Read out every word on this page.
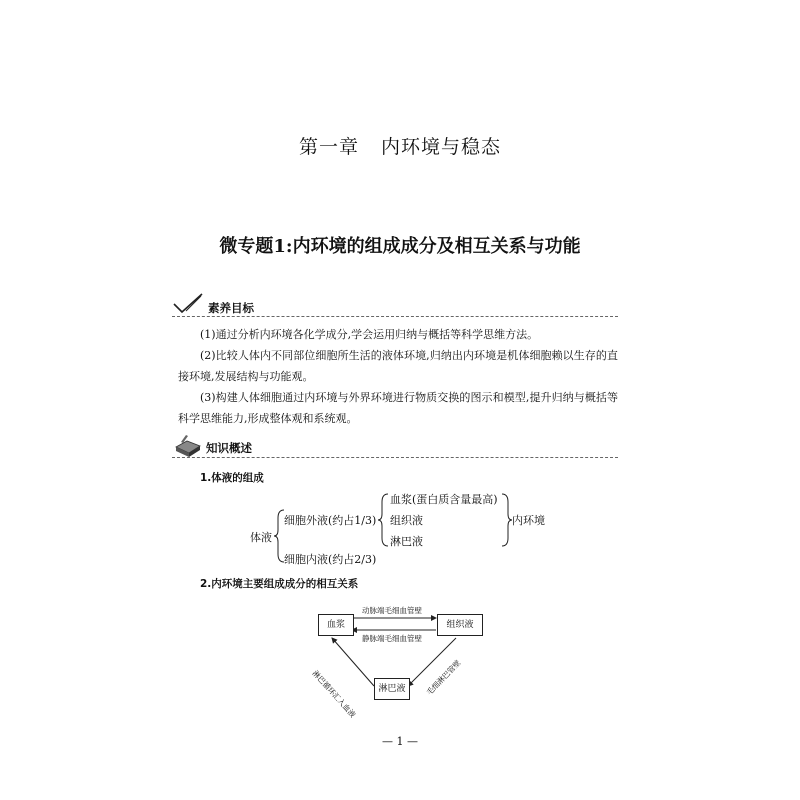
第一章 内环境与稳态
微专题1:内环境的组成成分及相互关系与功能
素养目标
(1)通过分析内环境各化学成分,学会运用归纳与概括等科学思维方法。
(2)比较人体内不同部位细胞所生活的液体环境,归纳出内环境是机体细胞赖以生存的直接环境,发展结构与功能观。
(3)构建人体细胞通过内环境与外界环境进行物质交换的图示和模型,提升归纳与概括等科学思维能力,形成整体观和系统观。
知识概述
1.体液的组成
体液
细胞外液(约占1/3)
细胞内液(约占2/3)
血浆(蛋白质含量最高)
组织液
淋巴液
内环境
2.内环境主要组成成分的相互关系
血浆	组织液
淋巴液
动脉端毛细血管壁
静脉端毛细血管壁
淋巴循环汇入血液	毛细淋巴管壁
— 1 —
